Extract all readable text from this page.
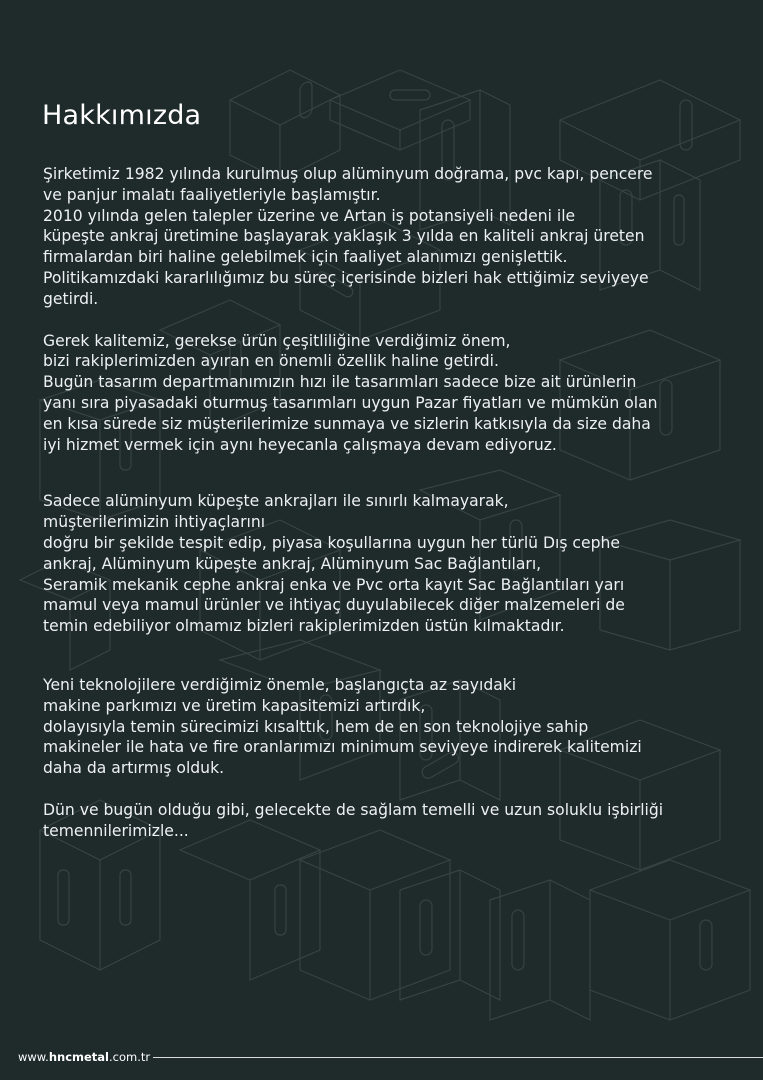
Hakkımızda

Şirketimiz 1982 yılında kurulmuş olup alüminyum doğrama, pvc kapı, pencere
ve panjur imalatı faaliyetleriyle başlamıştır.
2010 yılında gelen talepler üzerine ve Artan iş potansiyeli nedeni ile
küpeşte ankraj üretimine başlayarak yaklaşık 3 yılda en kaliteli ankraj üreten
firmalardan biri haline gelebilmek için faaliyet alanımızı genişlettik.
Politikamızdaki kararlılığımız bu süreç içerisinde bizleri hak ettiğimiz seviyeye
getirdi.

Gerek kalitemiz, gerekse ürün çeşitliliğine verdiğimiz önem,
bizi rakiplerimizden ayıran en önemli özellik haline getirdi.
Bugün tasarım departmanımızın hızı ile tasarımları sadece bize ait ürünlerin
yanı sıra piyasadaki oturmuş tasarımları uygun Pazar fiyatları ve mümkün olan
en kısa sürede siz müşterilerimize sunmaya ve sizlerin katkısıyla da size daha
iyi hizmet vermek için aynı heyecanla çalışmaya devam ediyoruz.

Sadece alüminyum küpeşte ankrajları ile sınırlı kalmayarak,
müşterilerimizin ihtiyaçlarını
doğru bir şekilde tespit edip, piyasa koşullarına uygun her türlü Dış cephe
ankraj, Alüminyum küpeşte ankraj, Alüminyum Sac Bağlantıları,
Seramik mekanik cephe ankraj enka ve Pvc orta kayıt Sac Bağlantıları yarı
mamul veya mamul ürünler ve ihtiyaç duyulabilecek diğer malzemeleri de
temin edebiliyor olmamız bizleri rakiplerimizden üstün kılmaktadır.

Yeni teknolojilere verdiğimiz önemle, başlangıçta az sayıdaki
makine parkımızı ve üretim kapasitemizi artırdık,
dolayısıyla temin sürecimizi kısalttık, hem de en son teknolojiye sahip
makineler ile hata ve fire oranlarımızı minimum seviyeye indirerek kalitemizi
daha da artırmış olduk.

Dün ve bugün olduğu gibi, gelecekte de sağlam temelli ve uzun soluklu işbirliği
temennilerimizle...

www.hncmetal.com.tr
